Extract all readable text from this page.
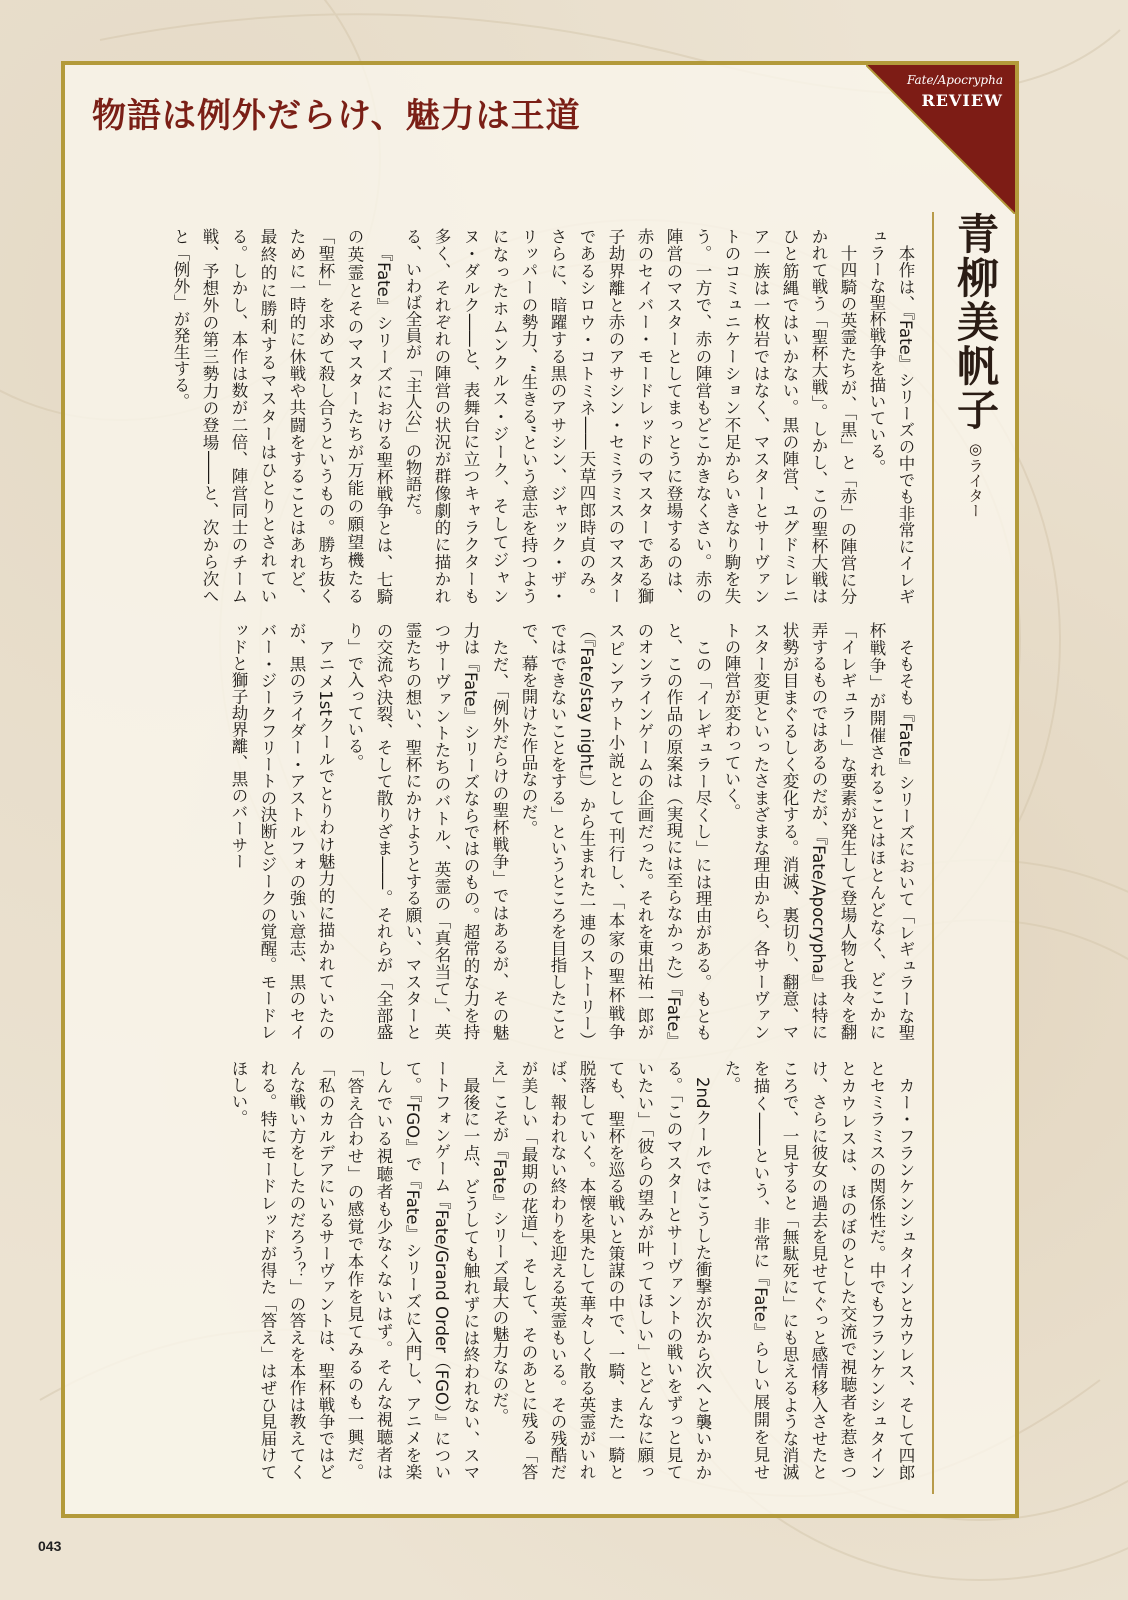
物語は例外だらけ、魅力は王道
Fate/Apocrypha
REVIEW
青柳美帆子
◎ライター

本作は、『Fate』シリーズの中でも非常にイレギュラーな聖杯戦争を描いている。

十四騎の英霊たちが、「黒」と「赤」の陣営に分かれて戦う「聖杯大戦」。しかし、この聖杯大戦はひと筋縄ではいかない。黒の陣営、ユグドミレニア一族は一枚岩ではなく、マスターとサーヴァントのコミュニケーション不足からいきなり駒を失う。一方で、赤の陣営もどこかきなくさい。赤の陣営のマスターとしてまっとうに登場するのは、赤のセイバー・モードレッドのマスターである獅子劫界離と赤のアサシン・セミラミスのマスターであるシロウ・コトミネ――天草四郎時貞のみ。さらに、暗躍する黒のアサシン、ジャック・ザ・リッパーの勢力、“生きる”という意志を持つようになったホムンクルス・ジーク、そしてジャンヌ・ダルク――と、表舞台に立つキャラクターも多く、それぞれの陣営の状況が群像劇的に描かれる、いわば全員が「主人公」の物語だ。

『Fate』シリーズにおける聖杯戦争とは、七騎の英霊とそのマスターたちが万能の願望機たる「聖杯」を求めて殺し合うというもの。勝ち抜くために一時的に休戦や共闘をすることはあれど、最終的に勝利するマスターはひとりとされている。しかし、本作は数が二倍、陣営同士のチーム戦、予想外の第三勢力の登場――と、次から次へと「例外」が発生する。

そもそも『Fate』シリーズにおいて「レギュラーな聖杯戦争」が開催されることはほとんどなく、どこかに「イレギュラー」な要素が発生して登場人物と我々を翻弄するものではあるのだが、『Fate/Apocrypha』は特に状勢が目まぐるしく変化する。消滅、裏切り、翻意、マスター変更といったさまざまな理由から、各サーヴァントの陣営が変わっていく。

この「イレギュラー尽くし」には理由がある。もともと、この作品の原案は（実現には至らなかった）『Fate』のオンラインゲームの企画だった。それを東出祐一郎がスピンアウト小説として刊行し、「本家の聖杯戦争（『Fate/stay night』）から生まれた一連のストーリー）ではできないことをする」というところを目指したことで、幕を開けた作品なのだ。

ただ、「例外だらけの聖杯戦争」ではあるが、その魅力は『Fate』シリーズならではのもの。超常的な力を持つサーヴァントたちのバトル、英霊の「真名当て」、英霊たちの想い、聖杯にかけようとする願い、マスターとの交流や決裂、そして散りざま――。それらが「全部盛り」で入っている。

アニメ1stクールでとりわけ魅力的に描かれていたのが、黒のライダー・アストルフォの強い意志、黒のセイバー・ジークフリートの決断とジークの覚醒。モードレッドと獅子劫界離、黒のバーサー

カー・フランケンシュタインとカウレス、そして四郎とセミラミスの関係性だ。中でもフランケンシュタインとカウレスは、ほのぼのとした交流で視聴者を惹きつけ、さらに彼女の過去を見せてぐっと感情移入させたところで、一見すると「無駄死に」にも思えるような消滅を描く――という、非常に『Fate』らしい展開を見せた。

2ndクールではこうした衝撃が次から次へと襲いかかる。「このマスターとサーヴァントの戦いをずっと見ていたい」「彼らの望みが叶ってほしい」とどんなに願っても、聖杯を巡る戦いと策謀の中で、一騎、また一騎と脱落していく。本懐を果たして華々しく散る英霊がいれば、報われない終わりを迎える英霊もいる。その残酷だが美しい「最期の花道」、そして、そのあとに残る「答え」こそが『Fate』シリーズ最大の魅力なのだ。

最後に一点、どうしても触れずには終われない、スマートフォンゲーム『Fate/Grand Order（FGO）』について。『FGO』で『Fate』シリーズに入門し、アニメを楽しんでいる視聴者も少なくないはず。そんな視聴者は「答え合わせ」の感覚で本作を見てみるのも一興だ。「私のカルデアにいるサーヴァントは、聖杯戦争ではどんな戦い方をしたのだろう？」の答えを本作は教えてくれる。特にモードレッドが得た「答え」はぜひ見届けてほしい。

043
